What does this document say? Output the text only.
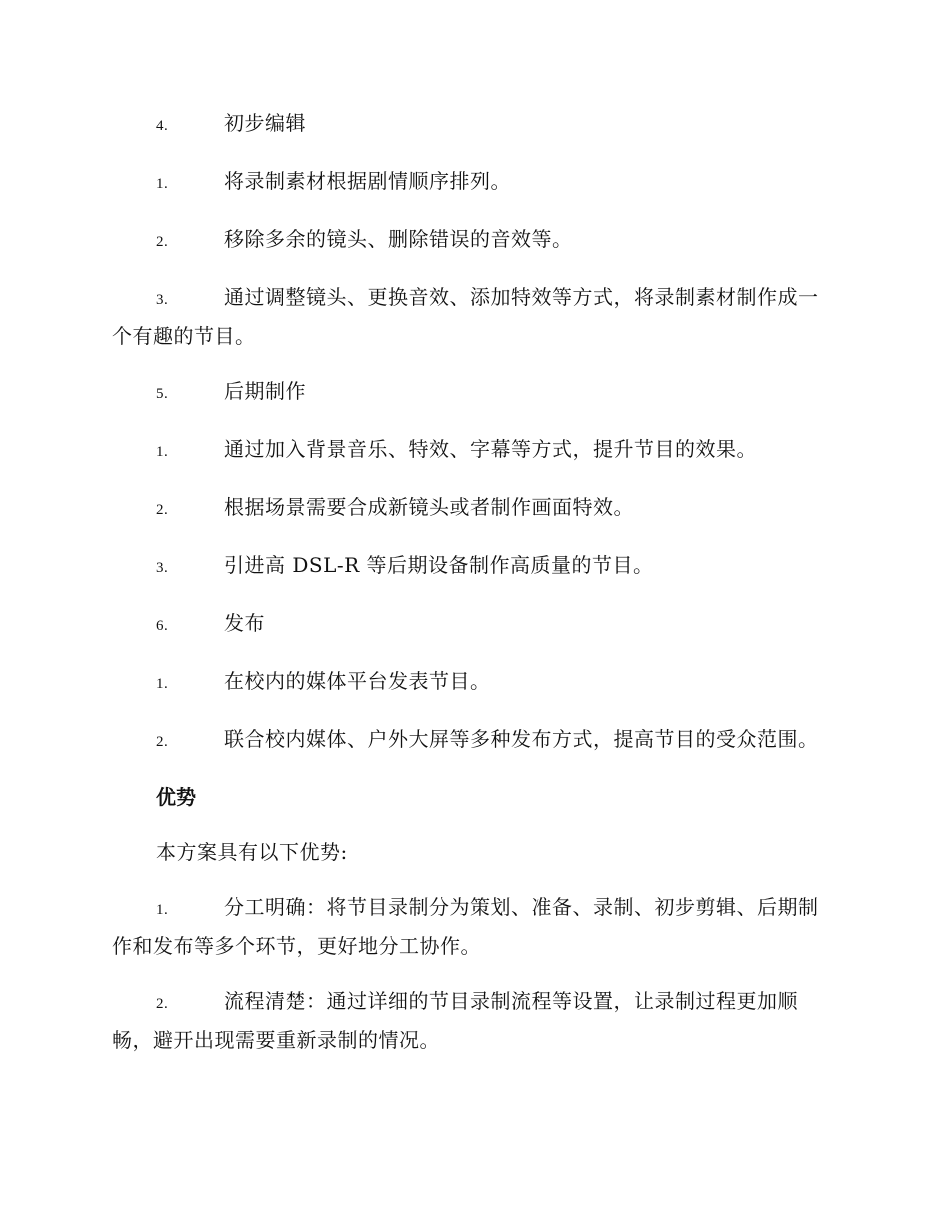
4.	初步编辑

1.	将录制素材根据剧情顺序排列。

2.	移除多余的镜头、删除错误的音效等。

3.	通过调整镜头、更换音效、添加特效等方式，将录制素材制作成一个有趣的节目。

5.	后期制作

1.	通过加入背景音乐、特效、字幕等方式，提升节目的效果。

2.	根据场景需要合成新镜头或者制作画面特效。

3.	引进高 DSL-R 等后期设备制作高质量的节目。

6.	发布

1.	在校内的媒体平台发表节目。

2.	联合校内媒体、户外大屏等多种发布方式，提高节目的受众范围。

优势

本方案具有以下优势:

1.	分工明确：将节目录制分为策划、准备、录制、初步剪辑、后期制作和发布等多个环节，更好地分工协作。

2.	流程清楚：通过详细的节目录制流程等设置，让录制过程更加顺畅，避开出现需要重新录制的情况。
